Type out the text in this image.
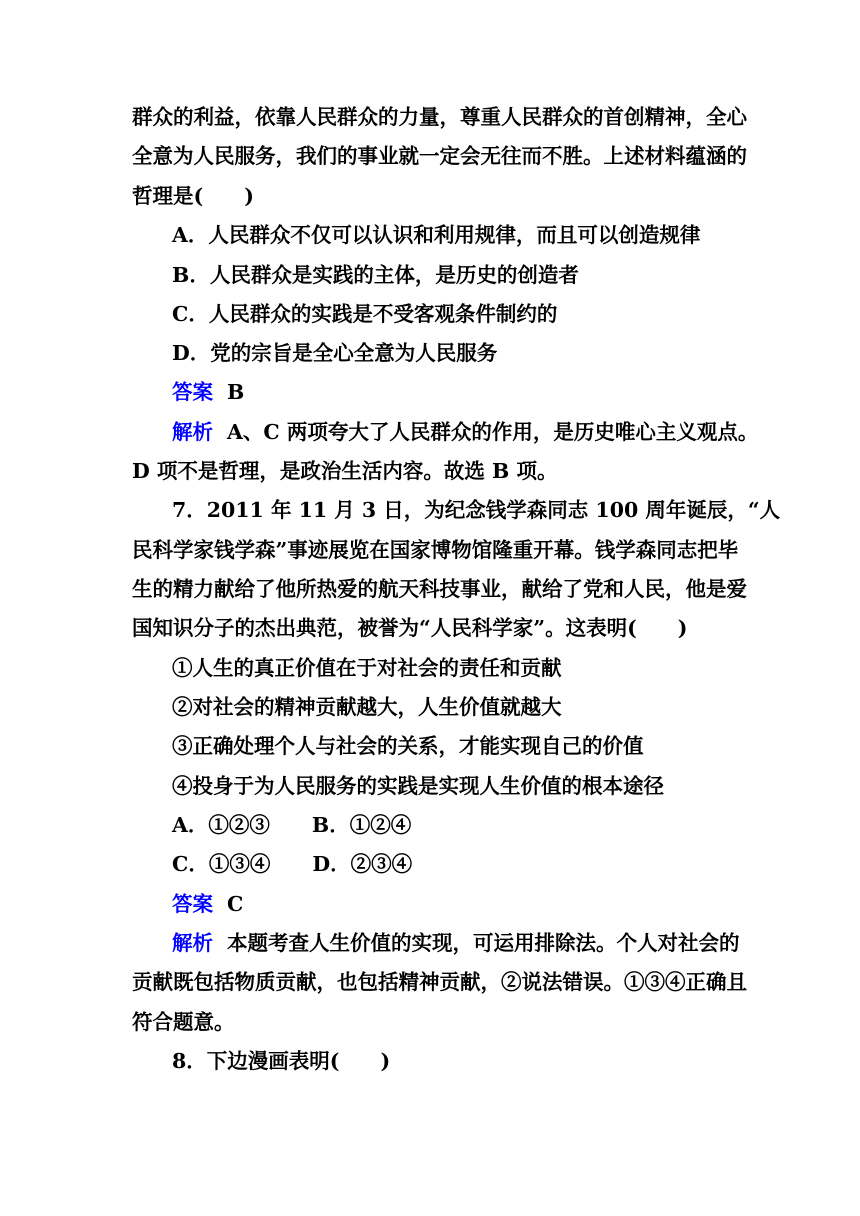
群众的利益，依靠人民群众的力量，尊重人民群众的首创精神，全心
全意为人民服务，我们的事业就一定会无往而不胜。上述材料蕴涵的
哲理是(　　)
A．人民群众不仅可以认识和利用规律，而且可以创造规律
B．人民群众是实践的主体，是历史的创造者
C．人民群众的实践是不受客观条件制约的
D．党的宗旨是全心全意为人民服务
答案 B
解析 A、C 两项夸大了人民群众的作用，是历史唯心主义观点。
D 项不是哲理，是政治生活内容。故选 B 项。
7．2011 年 11 月 3 日，为纪念钱学森同志 100 周年诞辰，“人
民科学家钱学森”事迹展览在国家博物馆隆重开幕。钱学森同志把毕
生的精力献给了他所热爱的航天科技事业，献给了党和人民，他是爱
国知识分子的杰出典范，被誉为“人民科学家”。这表明(　　)
①人生的真正价值在于对社会的责任和贡献
②对社会的精神贡献越大，人生价值就越大
③正确处理个人与社会的关系，才能实现自己的价值
④投身于为人民服务的实践是实现人生价值的根本途径
A．①②③ B．①②④
C．①③④ D．②③④
答案 C
解析 本题考查人生价值的实现，可运用排除法。个人对社会的
贡献既包括物质贡献，也包括精神贡献，②说法错误。①③④正确且
符合题意。
8．下边漫画表明(　　)
